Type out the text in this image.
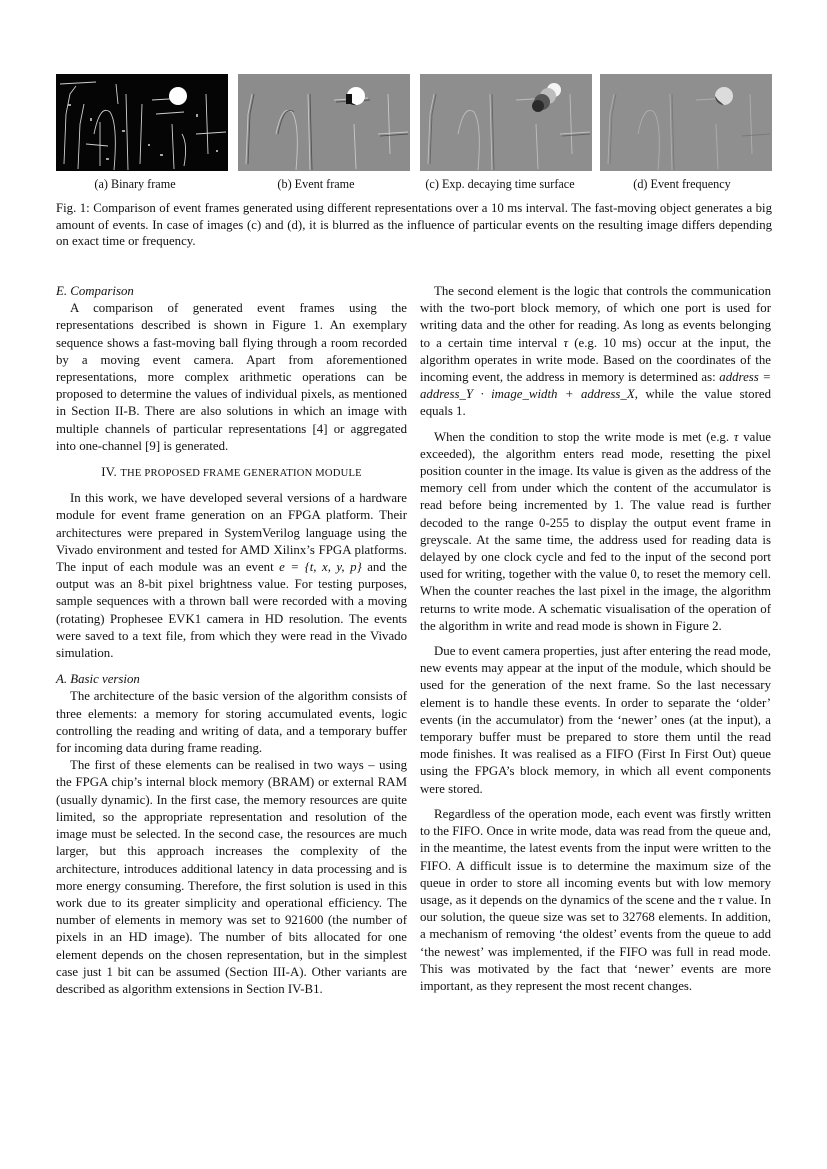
(a) Binary frame	(b) Event frame	(c) Exp. decaying time surface	(d) Event frequency
Fig. 1: Comparison of event frames generated using different representations over a 10 ms interval. The fast-moving object generates a big amount of events. In case of images (c) and (d), it is blurred as the influence of particular events on the resulting image differs depending on exact time or frequency.

E. Comparison

A comparison of generated event frames using the representations described is shown in Figure 1. An exemplary sequence shows a fast-moving ball flying through a room recorded by a moving event camera. Apart from aforementioned representations, more complex arithmetic operations can be proposed to determine the values of individual pixels, as mentioned in Section II-B. There are also solutions in which an image with multiple channels of particular representations [4] or aggregated into one-channel [9] is generated.

IV. THE PROPOSED FRAME GENERATION MODULE

In this work, we have developed several versions of a hardware module for event frame generation on an FPGA platform. Their architectures were prepared in SystemVerilog language using the Vivado environment and tested for AMD Xilinx’s FPGA platforms. The input of each module was an event e = {t, x, y, p} and the output was an 8-bit pixel brightness value. For testing purposes, sample sequences with a thrown ball were recorded with a moving (rotating) Prophesee EVK1 camera in HD resolution. The events were saved to a text file, from which they were read in the Vivado simulation.

A. Basic version

The architecture of the basic version of the algorithm consists of three elements: a memory for storing accumulated events, logic controlling the reading and writing of data, and a temporary buffer for incoming data during frame reading.

The first of these elements can be realised in two ways – using the FPGA chip’s internal block memory (BRAM) or external RAM (usually dynamic). In the first case, the memory resources are quite limited, so the appropriate representation and resolution of the image must be selected. In the second case, the resources are much larger, but this approach increases the complexity of the architecture, introduces additional latency in data processing and is more energy consuming. Therefore, the first solution is used in this work due to its greater simplicity and operational efficiency. The number of elements in memory was set to 921600 (the number of pixels in an HD image). The number of bits allocated for one element depends on the chosen representation, but in the simplest case just 1 bit can be assumed (Section III-A). Other variants are described as algorithm extensions in Section IV-B1.

The second element is the logic that controls the communication with the two-port block memory, of which one port is used for writing data and the other for reading. As long as events belonging to a certain time interval τ (e.g. 10 ms) occur at the input, the algorithm operates in write mode. Based on the coordinates of the incoming event, the address in memory is determined as: address = address_Y · image_width + address_X, while the value stored equals 1.

When the condition to stop the write mode is met (e.g. τ value exceeded), the algorithm enters read mode, resetting the pixel position counter in the image. Its value is given as the address of the memory cell from under which the content of the accumulator is read before being incremented by 1. The value read is further decoded to the range 0-255 to display the output event frame in greyscale. At the same time, the address used for reading data is delayed by one clock cycle and fed to the input of the second port used for writing, together with the value 0, to reset the memory cell. When the counter reaches the last pixel in the image, the algorithm returns to write mode. A schematic visualisation of the operation of the algorithm in write and read mode is shown in Figure 2.

Due to event camera properties, just after entering the read mode, new events may appear at the input of the module, which should be used for the generation of the next frame. So the last necessary element is to handle these events. In order to separate the ‘older’ events (in the accumulator) from the ‘newer’ ones (at the input), a temporary buffer must be prepared to store them until the read mode finishes. It was realised as a FIFO (First In First Out) queue using the FPGA’s block memory, in which all event components were stored.

Regardless of the operation mode, each event was firstly written to the FIFO. Once in write mode, data was read from the queue and, in the meantime, the latest events from the input were written to the FIFO. A difficult issue is to determine the maximum size of the queue in order to store all incoming events but with low memory usage, as it depends on the dynamics of the scene and the τ value. In our solution, the queue size was set to 32768 elements. In addition, a mechanism of removing ‘the oldest’ events from the queue to add ‘the newest’ was implemented, if the FIFO was full in read mode. This was motivated by the fact that ‘newer’ events are more important, as they represent the most recent changes.
